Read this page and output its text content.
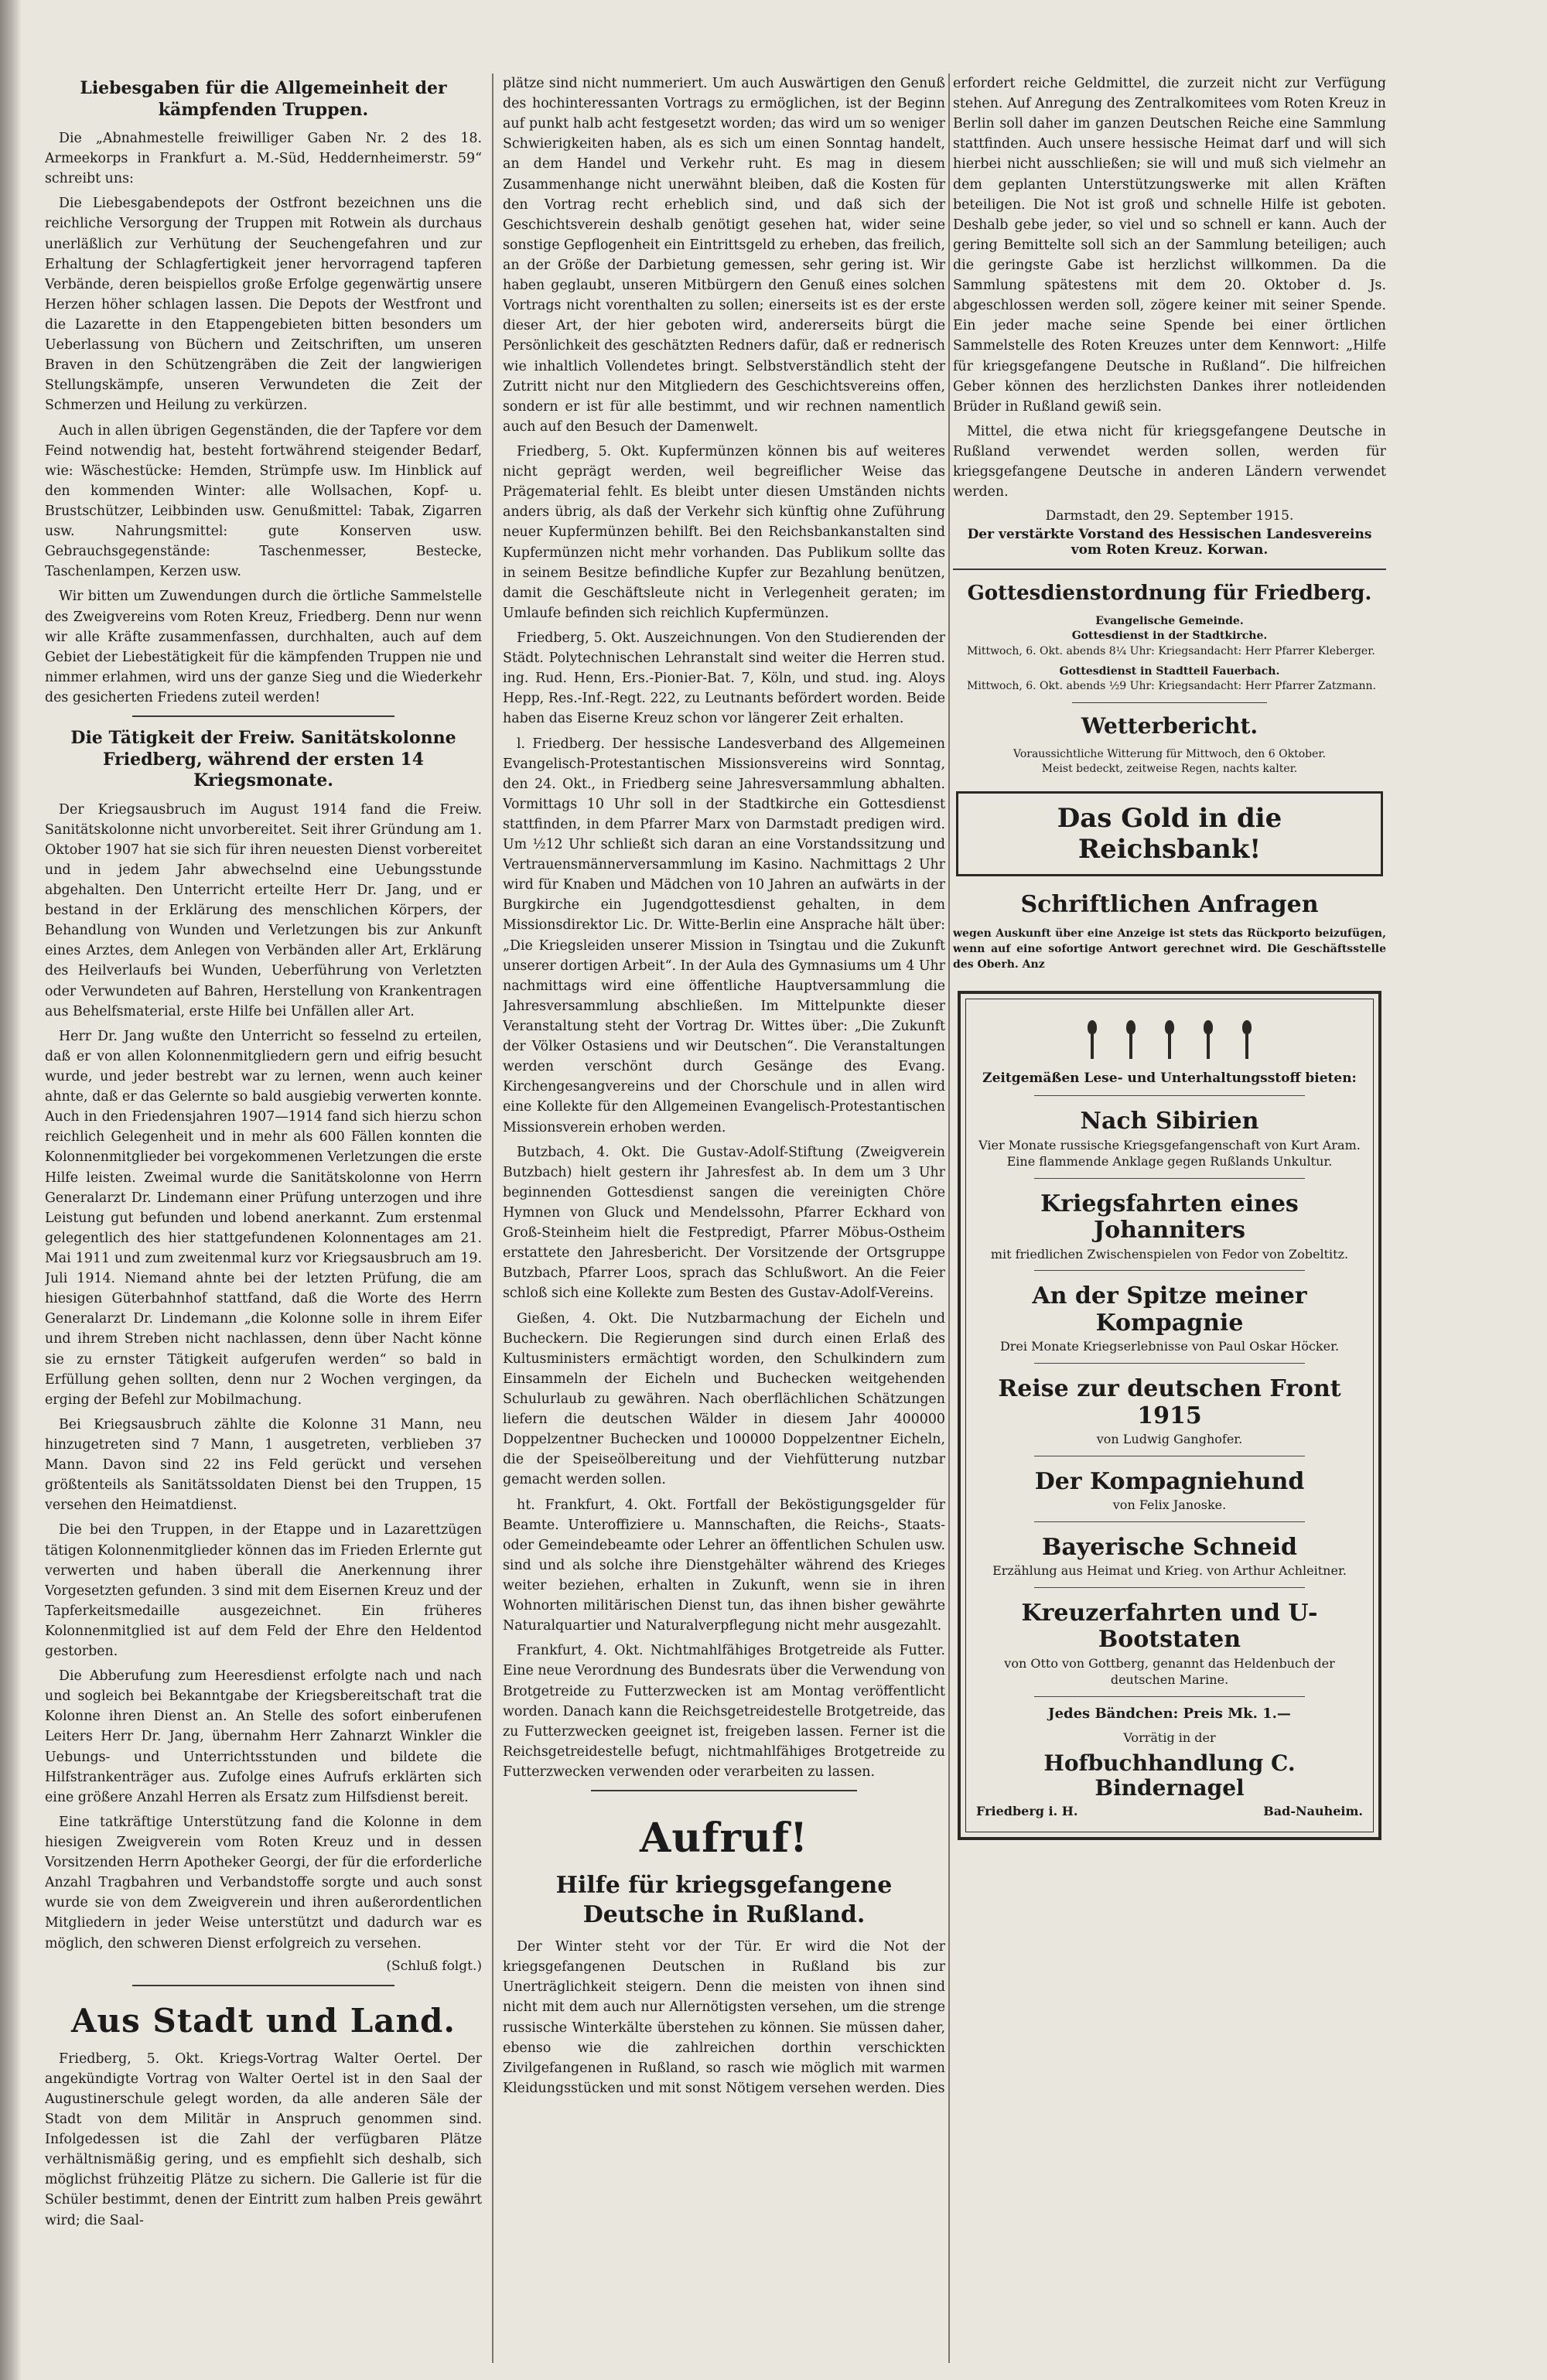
Liebesgaben für die Allgemeinheit der kämpfenden Truppen.

Die „Abnahmestelle freiwilliger Gaben Nr. 2 des 18. Armeekorps in Frankfurt a. M.-Süd, Heddernheimerstr. 59“ schreibt uns:

Die Liebesgabendepots der Ostfront bezeichnen uns die reichliche Versorgung der Truppen mit Rotwein als durchaus unerläßlich zur Verhütung der Seuchengefahren und zur Erhaltung der Schlagfertigkeit jener hervorragend tapferen Verbände, deren beispiellos große Erfolge gegenwärtig unsere Herzen höher schlagen lassen. Die Depots der Westfront und die Lazarette in den Etappengebieten bitten besonders um Ueberlassung von Büchern und Zeitschriften, um unseren Braven in den Schützengräben die Zeit der langwierigen Stellungskämpfe, unseren Verwundeten die Zeit der Schmerzen und Heilung zu verkürzen.

Auch in allen übrigen Gegenständen, die der Tapfere vor dem Feind notwendig hat, besteht fortwährend steigender Bedarf, wie: Wäschestücke: Hemden, Strümpfe usw. Im Hinblick auf den kommenden Winter: alle Wollsachen, Kopf- u. Brustschützer, Leibbinden usw. Genußmittel: Tabak, Zigarren usw. Nahrungsmittel: gute Konserven usw. Gebrauchsgegenstände: Taschenmesser, Bestecke, Taschenlampen, Kerzen usw.

Wir bitten um Zuwendungen durch die örtliche Sammelstelle des Zweigvereins vom Roten Kreuz, Friedberg. Denn nur wenn wir alle Kräfte zusammenfassen, durchhalten, auch auf dem Gebiet der Liebestätigkeit für die kämpfenden Truppen nie und nimmer erlahmen, wird uns der ganze Sieg und die Wiederkehr des gesicherten Friedens zuteil werden!

Die Tätigkeit der Freiw. Sanitätskolonne Friedberg, während der ersten 14 Kriegsmonate.

Der Kriegsausbruch im August 1914 fand die Freiw. Sanitätskolonne nicht unvorbereitet. Seit ihrer Gründung am 1. Oktober 1907 hat sie sich für ihren neuesten Dienst vorbereitet und in jedem Jahr abwechselnd eine Uebungsstunde abgehalten. Den Unterricht erteilte Herr Dr. Jang, und er bestand in der Erklärung des menschlichen Körpers, der Behandlung von Wunden und Verletzungen bis zur Ankunft eines Arztes, dem Anlegen von Verbänden aller Art, Erklärung des Heilverlaufs bei Wunden, Ueberführung von Verletzten oder Verwundeten auf Bahren, Herstellung von Krankentragen aus Behelfsmaterial, erste Hilfe bei Unfällen aller Art.

Herr Dr. Jang wußte den Unterricht so fesselnd zu erteilen, daß er von allen Kolonnenmitgliedern gern und eifrig besucht wurde, und jeder bestrebt war zu lernen, wenn auch keiner ahnte, daß er das Gelernte so bald ausgiebig verwerten konnte. Auch in den Friedensjahren 1907—1914 fand sich hierzu schon reichlich Gelegenheit und in mehr als 600 Fällen konnten die Kolonnenmitglieder bei vorgekommenen Verletzungen die erste Hilfe leisten. Zweimal wurde die Sanitätskolonne von Herrn Generalarzt Dr. Lindemann einer Prüfung unterzogen und ihre Leistung gut befunden und lobend anerkannt. Zum erstenmal gelegentlich des hier stattgefundenen Kolonnentages am 21. Mai 1911 und zum zweitenmal kurz vor Kriegsausbruch am 19. Juli 1914. Niemand ahnte bei der letzten Prüfung, die am hiesigen Güterbahnhof stattfand, daß die Worte des Herrn Generalarzt Dr. Lindemann „die Kolonne solle in ihrem Eifer und ihrem Streben nicht nachlassen, denn über Nacht könne sie zu ernster Tätigkeit aufgerufen werden“ so bald in Erfüllung gehen sollten, denn nur 2 Wochen vergingen, da erging der Befehl zur Mobilmachung.

Bei Kriegsausbruch zählte die Kolonne 31 Mann, neu hinzugetreten sind 7 Mann, 1 ausgetreten, verblieben 37 Mann. Davon sind 22 ins Feld gerückt und versehen größtenteils als Sanitätssoldaten Dienst bei den Truppen, 15 versehen den Heimatdienst.

Die bei den Truppen, in der Etappe und in Lazarettzügen tätigen Kolonnenmitglieder können das im Frieden Erlernte gut verwerten und haben überall die Anerkennung ihrer Vorgesetzten gefunden. 3 sind mit dem Eisernen Kreuz und der Tapferkeitsmedaille ausgezeichnet. Ein früheres Kolonnenmitglied ist auf dem Feld der Ehre den Heldentod gestorben.

Die Abberufung zum Heeresdienst erfolgte nach und nach und sogleich bei Bekanntgabe der Kriegsbereitschaft trat die Kolonne ihren Dienst an. An Stelle des sofort einberufenen Leiters Herr Dr. Jang, übernahm Herr Zahnarzt Winkler die Uebungs- und Unterrichtsstunden und bildete die Hilfstrankenträger aus. Zufolge eines Aufrufs erklärten sich eine größere Anzahl Herren als Ersatz zum Hilfsdienst bereit.

Eine tatkräftige Unterstützung fand die Kolonne in dem hiesigen Zweigverein vom Roten Kreuz und in dessen Vorsitzenden Herrn Apotheker Georgi, der für die erforderliche Anzahl Tragbahren und Verbandstoffe sorgte und auch sonst wurde sie von dem Zweigverein und ihren außerordentlichen Mitgliedern in jeder Weise unterstützt und dadurch war es möglich, den schweren Dienst erfolgreich zu versehen.

(Schluß folgt.)
Aus Stadt und Land.

Friedberg, 5. Okt. Kriegs-Vortrag Walter Oertel. Der angekündigte Vortrag von Walter Oertel ist in den Saal der Augustinerschule gelegt worden, da alle anderen Säle der Stadt von dem Militär in Anspruch genommen sind. Infolgedessen ist die Zahl der verfügbaren Plätze verhältnismäßig gering, und es empfiehlt sich deshalb, sich möglichst frühzeitig Plätze zu sichern. Die Gallerie ist für die Schüler bestimmt, denen der Eintritt zum halben Preis gewährt wird; die Saal-

plätze sind nicht nummeriert. Um auch Auswärtigen den Genuß des hochinteressanten Vortrags zu ermöglichen, ist der Beginn auf punkt halb acht festgesetzt worden; das wird um so weniger Schwierigkeiten haben, als es sich um einen Sonntag handelt, an dem Handel und Verkehr ruht. Es mag in diesem Zusammenhange nicht unerwähnt bleiben, daß die Kosten für den Vortrag recht erheblich sind, und daß sich der Geschichtsverein deshalb genötigt gesehen hat, wider seine sonstige Gepflogenheit ein Eintrittsgeld zu erheben, das freilich, an der Größe der Darbietung gemessen, sehr gering ist. Wir haben geglaubt, unseren Mitbürgern den Genuß eines solchen Vortrags nicht vorenthalten zu sollen; einerseits ist es der erste dieser Art, der hier geboten wird, andererseits bürgt die Persönlichkeit des geschätzten Redners dafür, daß er rednerisch wie inhaltlich Vollendetes bringt. Selbstverständlich steht der Zutritt nicht nur den Mitgliedern des Geschichtsvereins offen, sondern er ist für alle bestimmt, und wir rechnen namentlich auch auf den Besuch der Damenwelt.

Friedberg, 5. Okt. Kupfermünzen können bis auf weiteres nicht geprägt werden, weil begreiflicher Weise das Prägematerial fehlt. Es bleibt unter diesen Umständen nichts anders übrig, als daß der Verkehr sich künftig ohne Zuführung neuer Kupfermünzen behilft. Bei den Reichsbankanstalten sind Kupfermünzen nicht mehr vorhanden. Das Publikum sollte das in seinem Besitze befindliche Kupfer zur Bezahlung benützen, damit die Geschäftsleute nicht in Verlegenheit geraten; im Umlaufe befinden sich reichlich Kupfermünzen.

Friedberg, 5. Okt. Auszeichnungen. Von den Studierenden der Städt. Polytechnischen Lehranstalt sind weiter die Herren stud. ing. Rud. Henn, Ers.-Pionier-Bat. 7, Köln, und stud. ing. Aloys Hepp, Res.-Inf.-Regt. 222, zu Leutnants befördert worden. Beide haben das Eiserne Kreuz schon vor längerer Zeit erhalten.

l. Friedberg. Der hessische Landesverband des Allgemeinen Evangelisch-Protestantischen Missionsvereins wird Sonntag, den 24. Okt., in Friedberg seine Jahresversammlung abhalten. Vormittags 10 Uhr soll in der Stadtkirche ein Gottesdienst stattfinden, in dem Pfarrer Marx von Darmstadt predigen wird. Um ½12 Uhr schließt sich daran an eine Vorstandssitzung und Vertrauensmännerversammlung im Kasino. Nachmittags 2 Uhr wird für Knaben und Mädchen von 10 Jahren an aufwärts in der Burgkirche ein Jugendgottesdienst gehalten, in dem Missionsdirektor Lic. Dr. Witte-Berlin eine Ansprache hält über: „Die Kriegsleiden unserer Mission in Tsingtau und die Zukunft unserer dortigen Arbeit“. In der Aula des Gymnasiums um 4 Uhr nachmittags wird eine öffentliche Hauptversammlung die Jahresversammlung abschließen. Im Mittelpunkte dieser Veranstaltung steht der Vortrag Dr. Wittes über: „Die Zukunft der Völker Ostasiens und wir Deutschen“. Die Veranstaltungen werden verschönt durch Gesänge des Evang. Kirchengesangvereins und der Chorschule und in allen wird eine Kollekte für den Allgemeinen Evangelisch-Protestantischen Missionsverein erhoben werden.

Butzbach, 4. Okt. Die Gustav-Adolf-Stiftung (Zweigverein Butzbach) hielt gestern ihr Jahresfest ab. In dem um 3 Uhr beginnenden Gottesdienst sangen die vereinigten Chöre Hymnen von Gluck und Mendelssohn, Pfarrer Eckhard von Groß-Steinheim hielt die Festpredigt, Pfarrer Möbus-Ostheim erstattete den Jahresbericht. Der Vorsitzende der Ortsgruppe Butzbach, Pfarrer Loos, sprach das Schlußwort. An die Feier schloß sich eine Kollekte zum Besten des Gustav-Adolf-Vereins.

Gießen, 4. Okt. Die Nutzbarmachung der Eicheln und Bucheckern. Die Regierungen sind durch einen Erlaß des Kultusministers ermächtigt worden, den Schulkindern zum Einsammeln der Eicheln und Buchecken weitgehenden Schulurlaub zu gewähren. Nach oberflächlichen Schätzungen liefern die deutschen Wälder in diesem Jahr 400000 Doppelzentner Buchecken und 100000 Doppelzentner Eicheln, die der Speiseölbereitung und der Viehfütterung nutzbar gemacht werden sollen.

ht. Frankfurt, 4. Okt. Fortfall der Beköstigungsgelder für Beamte. Unteroffiziere u. Mannschaften, die Reichs-, Staats- oder Gemeindebeamte oder Lehrer an öffentlichen Schulen usw. sind und als solche ihre Dienstgehälter während des Krieges weiter beziehen, erhalten in Zukunft, wenn sie in ihren Wohnorten militärischen Dienst tun, das ihnen bisher gewährte Naturalquartier und Naturalverpflegung nicht mehr ausgezahlt.

Frankfurt, 4. Okt. Nichtmahlfähiges Brotgetreide als Futter. Eine neue Verordnung des Bundesrats über die Verwendung von Brotgetreide zu Futterzwecken ist am Montag veröffentlicht worden. Danach kann die Reichsgetreidestelle Brotgetreide, das zu Futterzwecken geeignet ist, freigeben lassen. Ferner ist die Reichsgetreidestelle befugt, nichtmahlfähiges Brotgetreide zu Futterzwecken verwenden oder verarbeiten zu lassen.

Aufruf!
Hilfe für kriegsgefangene Deutsche in Rußland.

Der Winter steht vor der Tür. Er wird die Not der kriegsgefangenen Deutschen in Rußland bis zur Unerträglichkeit steigern. Denn die meisten von ihnen sind nicht mit dem auch nur Allernötigsten versehen, um die strenge russische Winterkälte überstehen zu können. Sie müssen daher, ebenso wie die zahlreichen dorthin verschickten Zivilgefangenen in Rußland, so rasch wie möglich mit warmen Kleidungsstücken und mit sonst Nötigem versehen werden. Dies

erfordert reiche Geldmittel, die zurzeit nicht zur Verfügung stehen. Auf Anregung des Zentralkomitees vom Roten Kreuz in Berlin soll daher im ganzen Deutschen Reiche eine Sammlung stattfinden. Auch unsere hessische Heimat darf und will sich hierbei nicht ausschließen; sie will und muß sich vielmehr an dem geplanten Unterstützungswerke mit allen Kräften beteiligen. Die Not ist groß und schnelle Hilfe ist geboten. Deshalb gebe jeder, so viel und so schnell er kann. Auch der gering Bemittelte soll sich an der Sammlung beteiligen; auch die geringste Gabe ist herzlichst willkommen. Da die Sammlung spätestens mit dem 20. Oktober d. Js. abgeschlossen werden soll, zögere keiner mit seiner Spende. Ein jeder mache seine Spende bei einer örtlichen Sammelstelle des Roten Kreuzes unter dem Kennwort: „Hilfe für kriegsgefangene Deutsche in Rußland“. Die hilfreichen Geber können des herzlichsten Dankes ihrer notleidenden Brüder in Rußland gewiß sein.

Mittel, die etwa nicht für kriegsgefangene Deutsche in Rußland verwendet werden sollen, werden für kriegsgefangene Deutsche in anderen Ländern verwendet werden.

Darmstadt, den 29. September 1915.
Der verstärkte Vorstand des Hessischen Landesvereins vom Roten Kreuz. Korwan.
Gottesdienstordnung für Friedberg.
Evangelische Gemeinde.
Gottesdienst in der Stadtkirche.

Mittwoch, 6. Okt. abends 8¼ Uhr: Kriegsandacht: Herr Pfarrer Kleberger.

Gottesdienst in Stadtteil Fauerbach.

Mittwoch, 6. Okt. abends ½9 Uhr: Kriegsandacht: Herr Pfarrer Zatzmann.

Wetterbericht.
Voraussichtliche Witterung für Mittwoch, den 6 Oktober.
Meist bedeckt, zeitweise Regen, nachts kalter.
Das Gold in die Reichsbank!
Schriftlichen Anfragen
wegen Auskunft über eine Anzeige ist stets das Rückporto beizufügen, wenn auf eine sofortige Antwort gerechnet wird. Die Geschäftsstelle des Oberh. Anz
Zeitgemäßen Lese- und Unterhaltungsstoff bieten:
Nach Sibirien
Vier Monate russische Kriegsgefangenschaft von Kurt Aram. Eine flammende Anklage gegen Rußlands Unkultur.
Kriegsfahrten eines Johanniters
mit friedlichen Zwischenspielen von Fedor von Zobeltitz.
An der Spitze meiner Kompagnie
Drei Monate Kriegserlebnisse von Paul Oskar Höcker.
Reise zur deutschen Front 1915
von Ludwig Ganghofer.
Der Kompagniehund
von Felix Janoske.
Bayerische Schneid
Erzählung aus Heimat und Krieg. von Arthur Achleitner.
Kreuzerfahrten und U-Bootstaten
von Otto von Gottberg, genannt das Heldenbuch der deutschen Marine.
Jedes Bändchen: Preis Mk. 1.—
Vorrätig in der
Hofbuchhandlung C. Bindernagel
Friedberg i. H.	Bad-Nauheim.
